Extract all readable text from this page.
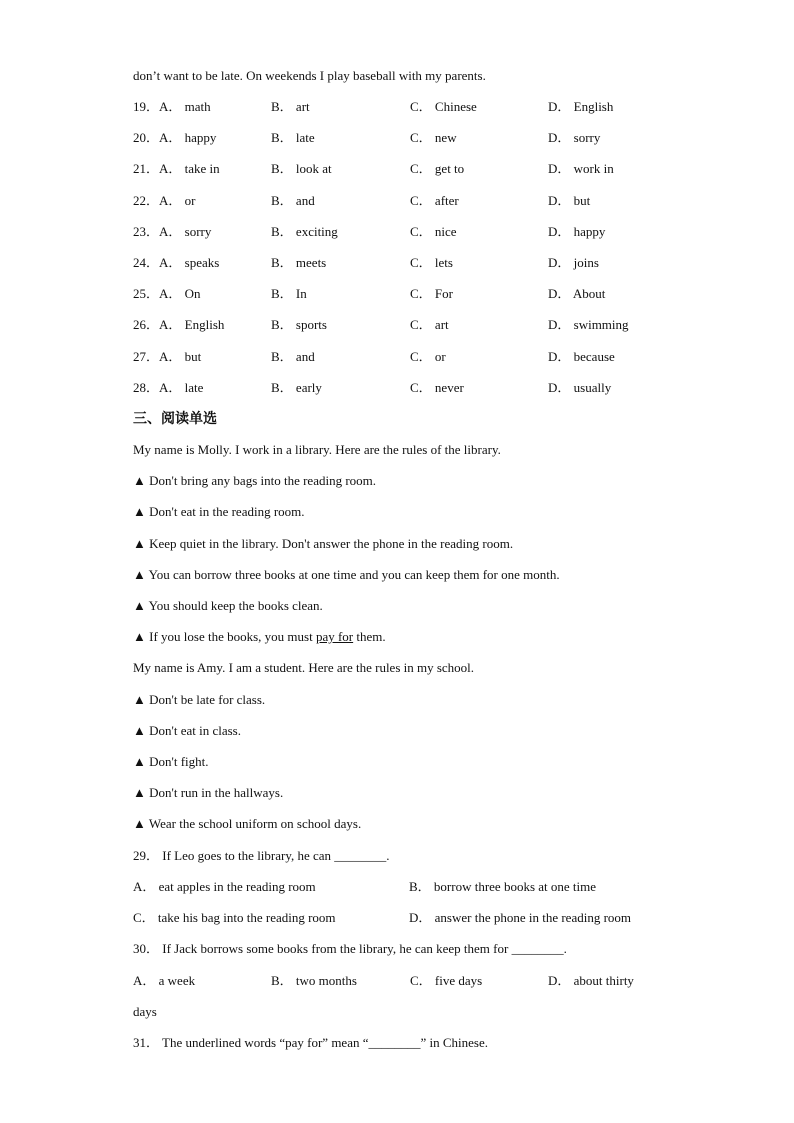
don’t want to be late. On weekends I play baseball with my parents.
19．A． math	B． art	C． Chinese	D． English
20．A． happy	B． late	C． new	D． sorry
21．A． take in	B． look at	C． get to	D． work in
22．A． or	B． and	C． after	D． but
23．A． sorry	B． exciting	C． nice	D． happy
24．A． speaks	B． meets	C． lets	D． joins
25．A． On	B． In	C． For	D． About
26．A． English	B． sports	C． art	D． swimming
27．A． but	B． and	C． or	D． because
28．A． late	B． early	C． never	D． usually
三、阅读单选
My name is Molly. I work in a library. Here are the rules of the library.
▲ Don't bring any bags into the reading room.
▲ Don't eat in the reading room.
▲ Keep quiet in the library. Don't answer the phone in the reading room.
▲ You can borrow three books at one time and you can keep them for one month.
▲ You should keep the books clean.
▲ If you lose the books, you must pay for them.
My name is Amy. I am a student. Here are the rules in my school.
▲ Don't be late for class.
▲ Don't eat in class.
▲ Don't fight.
▲ Don't run in the hallways.
▲ Wear the school uniform on school days.
29． If Leo goes to the library, he can ________.
A． eat apples in the reading room	B． borrow three books at one time
C． take his bag into the reading room	D． answer the phone in the reading room
30． If Jack borrows some books from the library, he can keep them for ________.
A． a week	B． two months	C． five days	D． about thirty
days
31． The underlined words “pay for” mean “________” in Chinese.
